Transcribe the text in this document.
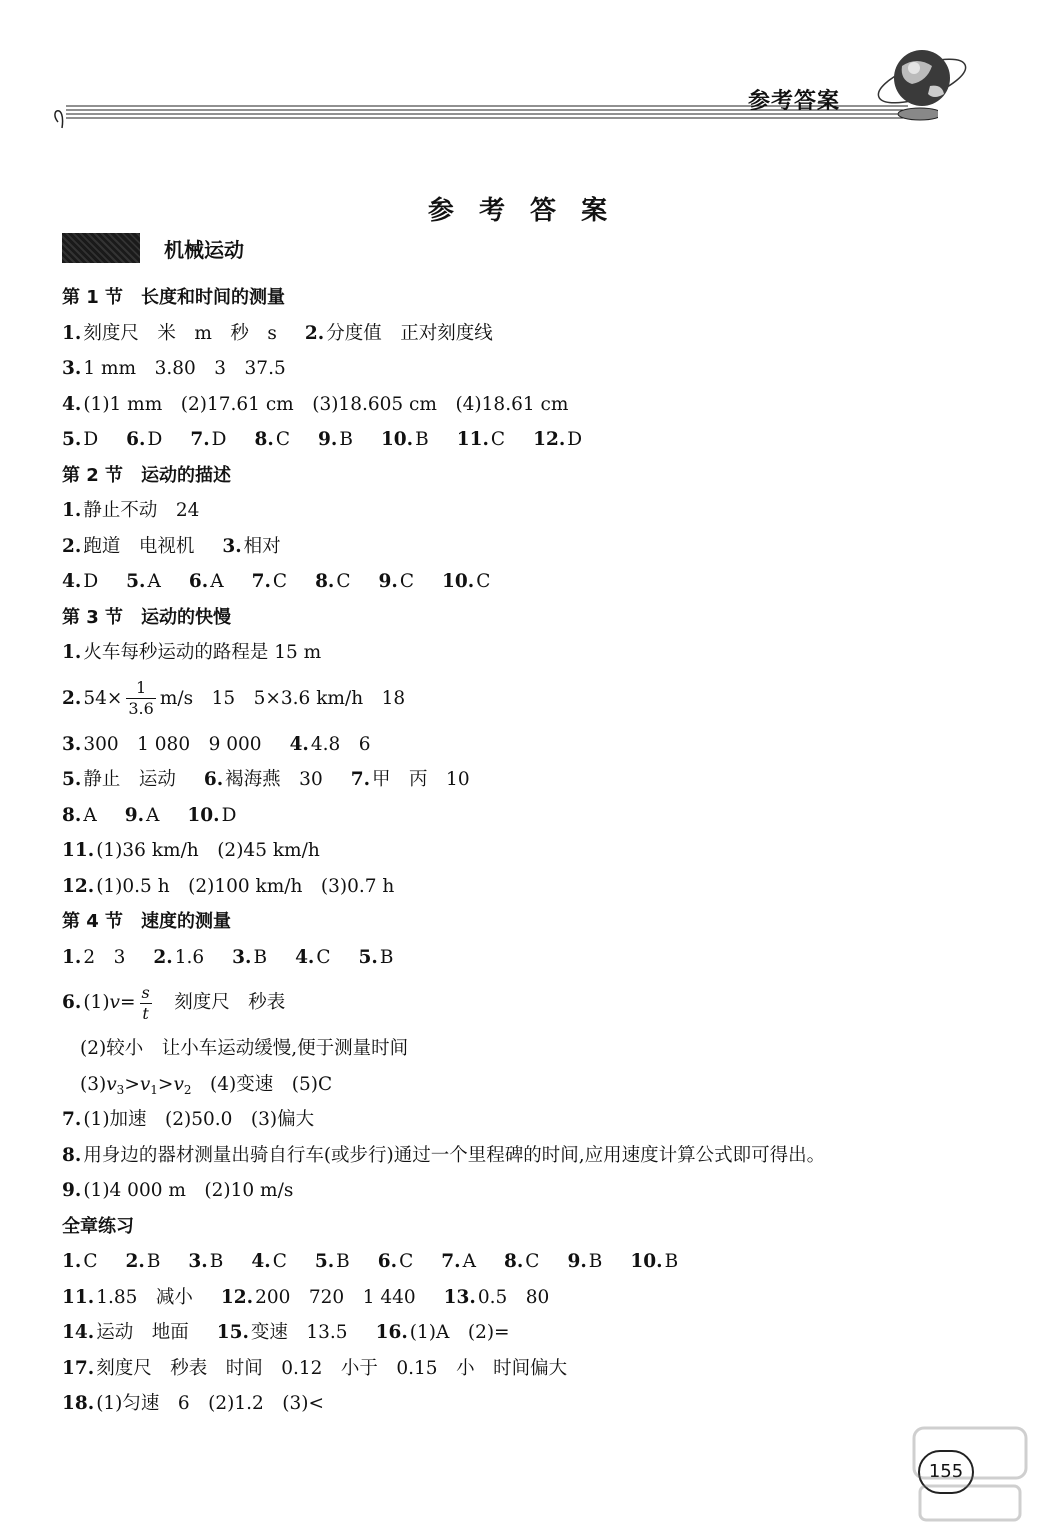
参考答案
参 考 答 案
机械运动
第 1 节　长度和时间的测量
1. 刻度尺　米　m　秒　s 2. 分度值　正对刻度线
3. 1 mm　3.80　3　37.5
4. (1)1 mm　(2)17.61 cm　(3)18.605 cm　(4)18.61 cm
5. D 6. D 7. D 8. C 9. B 10. B 11. C 12. D
第 2 节　运动的描述
1. 静止不动　24
2. 跑道　电视机 3. 相对
4. D 5. A 6. A 7. C 8. C 9. C 10. C
第 3 节　运动的快慢
1. 火车每秒运动的路程是 15 m
2. $54\times \frac{1}{3.6} m/s$　15　5×3.6 km/h　18
3. 300　1 080　9 000 4. 4.8　6
5. 静止　运动 6. 褐海燕　30 7. 甲　丙　10
8. A 9. A 10. D
11. (1)36 km/h　(2)45 km/h
12. (1)0.5 h　(2)100 km/h　(3)0.7 h
第 4 节　速度的测量
1. 2　3 2. 1.6 3. B 4. C 5. B
6. (1) $v = \frac{s}{t}$ 　刻度尺　秒表
(2)较小　让小车运动缓慢,便于测量时间
$(3)v_3>v_1>v_2$　(4)变速　(5)C
7. (1)加速　(2)50.0　(3)偏大
8. 用身边的器材测量出骑自行车(或步行)通过一个里程碑的时间,应用速度计算公式即可得出。
9. (1)4 000 m　(2)10 m/s
全章练习
1. C 2. B 3. B 4. C 5. B 6. C 7. A 8. C 9. B 10. B
11. 1.85　减小 12. 200　720　1 440 13. 0.5　80
14. 运动　地面 15. 变速　13.5 16. (1)A　(2)=
17. 刻度尺　秒表　时间　0.12　小于　0.15　小　时间偏大
18. (1)匀速　6　(2)1.2　(3)<
155
